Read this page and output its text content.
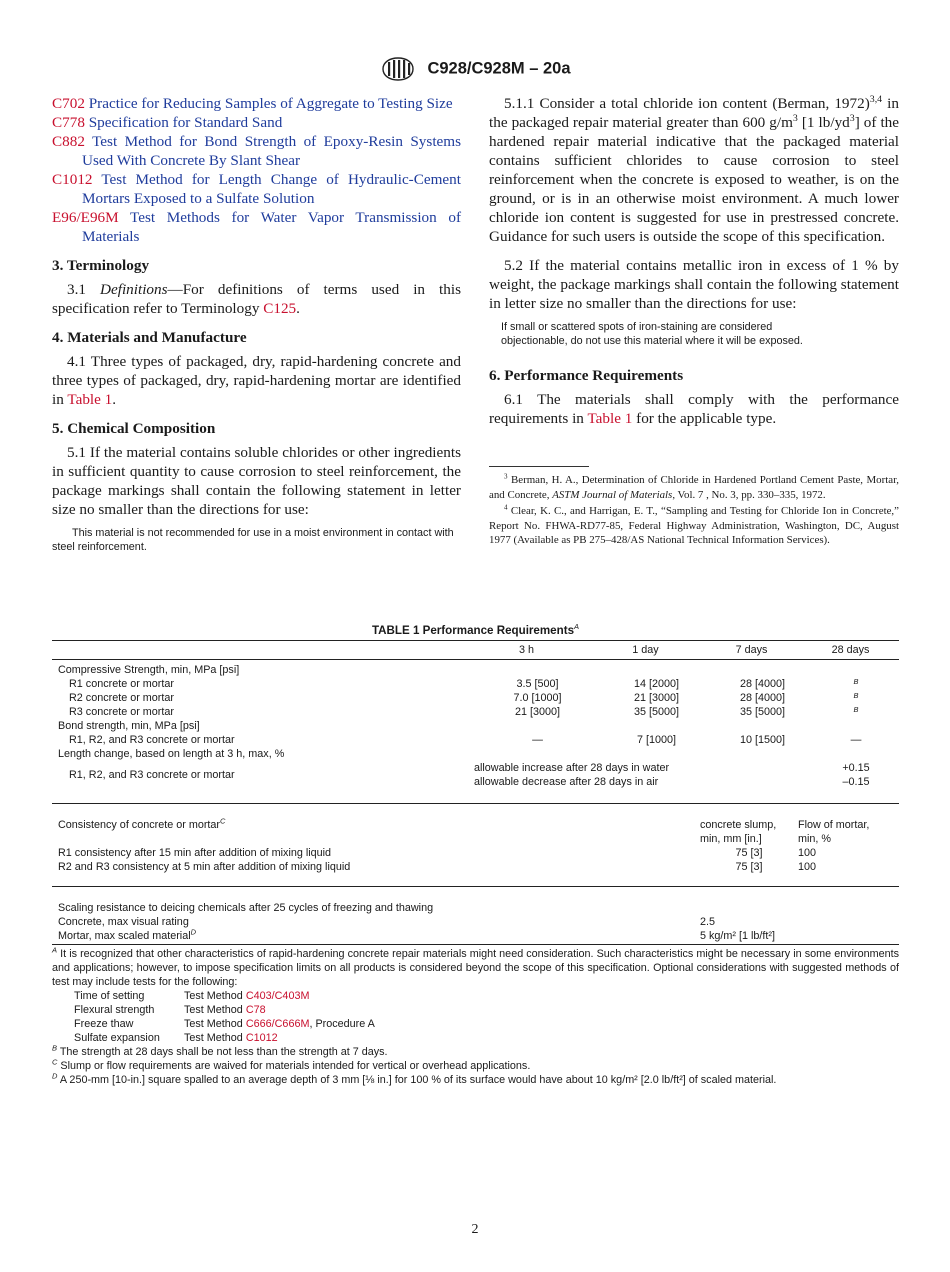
C928/C928M – 20a

C702 Practice for Reducing Samples of Aggregate to Testing Size

C778 Specification for Standard Sand

C882 Test Method for Bond Strength of Epoxy-Resin Systems Used With Concrete By Slant Shear

C1012 Test Method for Length Change of Hydraulic-Cement Mortars Exposed to a Sulfate Solution

E96/E96M Test Methods for Water Vapor Transmission of Materials

3. Terminology

3.1 Definitions—For definitions of terms used in this specification refer to Terminology C125.

4. Materials and Manufacture

4.1 Three types of packaged, dry, rapid-hardening concrete and three types of packaged, dry, rapid-hardening mortar are identified in Table 1.

5. Chemical Composition

5.1 If the material contains soluble chlorides or other ingredients in sufficient quantity to cause corrosion to steel reinforcement, the package markings shall contain the following statement in letter size no smaller than the directions for use:

This material is not recommended for use in a moist environment in contact with steel reinforcement.

5.1.1 Consider a total chloride ion content (Berman, 1972)$^{3,4}$ in the packaged repair material greater than 600 $g/m^3$ [1 $lb/yd^3$] of the hardened repair material indicative that the packaged material contains sufficient chlorides to cause corrosion to steel reinforcement when the concrete is exposed to weather, is on the ground, or is in an otherwise moist environment. A much lower chloride ion content is suggested for use in prestressed concrete. Guidance for such users is outside the scope of this specification.

5.2 If the material contains metallic iron in excess of 1 % by weight, the package markings shall contain the following statement in letter size no smaller than the directions for use:

If small or scattered spots of iron-staining are considered objectionable, do not use this material where it will be exposed.
6. Performance Requirements

6.1 The materials shall comply with the performance requirements in Table 1 for the applicable type.

$^3$ Berman, H. A., Determination of Chloride in Hardened Portland Cement Paste, Mortar, and Concrete, ASTM Journal of Materials, Vol. 7 , No. 3, pp. 330–335, 1972.

$^4$ Clear, K. C., and Harrigan, E. T., “Sampling and Testing for Chloride Ion in Concrete,” Report No. FHWA-RD77-85, Federal Highway Administration, Washington, DC, August 1977 (Available as PB 275–428/AS National Technical Information Services).

TABLE 1 Performance Requirements$^A$
	3 h	1 day	7 days	28 days
Compressive Strength, min, MPa [psi]				
R1 concrete or mortar	3.5 [500]	14 [2000]	28 [4000]	$^B$
R2 concrete or mortar	7.0 [1000]	21 [3000]	28 [4000]	$^B$
R3 concrete or mortar	21 [3000]	35 [5000]	35 [5000]	$^B$
Bond strength, min, MPa [psi]				
R1, R2, and R3 concrete or mortar	—	7 [1000]	10 [1500]	—
Length change, based on length at 3 h, max, %				
R1, R2, and R3 concrete or mortar	allowable increase after 28 days in water			+0.15
	allowable decrease after 28 days in air			–0.15
Consistency of concrete or mortar$^C$	concrete slump,	Flow of mortar,
	min, mm [in.]	min, %
R1 consistency after 15 min after addition of mixing liquid	75 [3]	100
R2 and R3 consistency at 5 min after addition of mixing liquid	75 [3]	100
Scaling resistance to deicing chemicals after 25 cycles of freezing and thawing	
Concrete, max visual rating	2.5
Mortar, max scaled material$^D$	5 kg/m² [1 lb/ft²]

$^A$ It is recognized that other characteristics of rapid-hardening concrete repair materials might need consideration. Such characteristics might be necessary in some environments and applications; however, to impose specification limits on all products is considered beyond the scope of this specification. Optional considerations with suggested methods of test may include tests for the following:

Time of setting	Test Method C403/C403M
Flexural strength	Test Method C78
Freeze thaw	Test Method C666/C666M, Procedure A
Sulfate expansion	Test Method C1012

$^B$ The strength at 28 days shall be not less than the strength at 7 days.

$^C$ Slump or flow requirements are waived for materials intended for vertical or overhead applications.

$^D$ A 250-mm [10-in.] square spalled to an average depth of 3 mm [⅛ in.] for 100 % of its surface would have about 10 kg/m² [2.0 lb/ft²] of scaled material.

2
